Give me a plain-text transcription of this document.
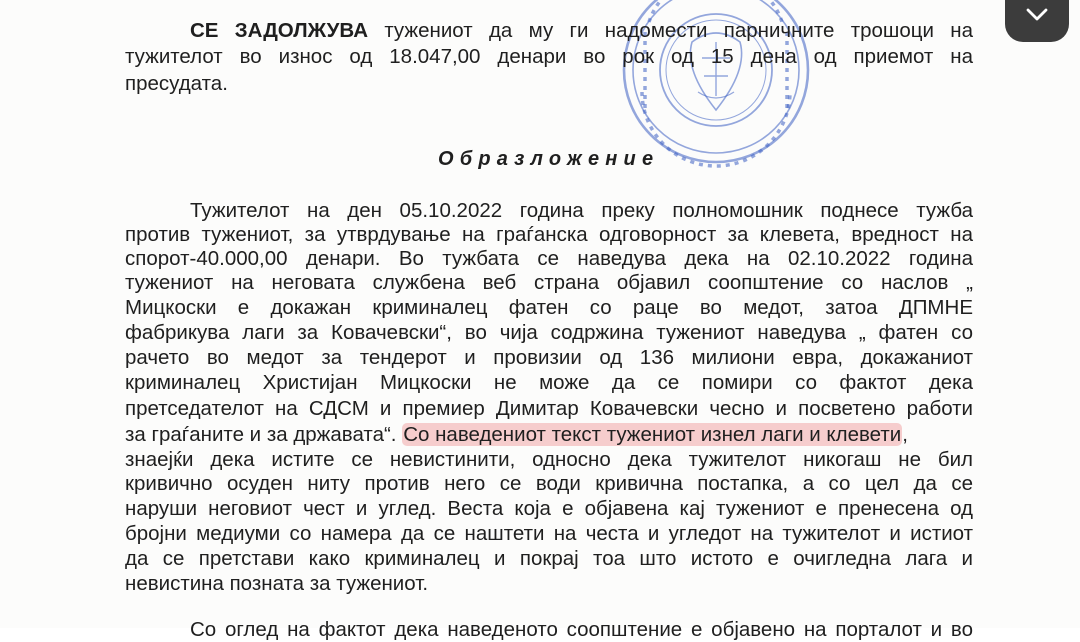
СЕ ЗАДОЛЖУВА тужениот да му ги надомести парничните трошоци на
тужителот во износ од 18.047,00 денари во рок од 15 дена од приемот на
пресудата.
Образложение
Тужителот на ден 05.10.2022 година преку полномошник поднесе тужба
против тужениот, за утврдување на граѓанска одговорност за клевета, вредност на
спорот-40.000,00 денари. Во тужбата се наведува дека на 02.10.2022 година
тужениот на неговата службена веб страна објавил соопштение со наслов „
Мицкоски е докажан криминалец фатен со раце во медот, затоа ДПМНЕ
фабрикува лаги за Ковачевски“, во чија содржина тужениот наведува „ фатен со
рачето во медот за тендерот и провизии од 136 милиони евра, докажаниот
криминалец Христијан Мицкоски не може да се помири со фактот дека
претседателот на СДСМ и премиер Димитар Ковачевски чесно и посветено работи
за граѓаните и за државата“. Со наведениот текст тужениот изнел лаги и клевети,
знаејќи дека истите се невистинити, односно дека тужителот никогаш не бил
кривично осуден ниту против него се води кривична постапка, а со цел да се
наруши неговиот чест и углед. Веста која е објавена кај тужениот е пренесена од
бројни медиуми со намера да се наштети на честа и угледот на тужителот и истиот
да се претстави како криминалец и покрај тоа што истото е очигледна лага и
невистина позната за тужениот.
Со оглед на фактот дека наведеното соопштение е објавено на порталот и во
